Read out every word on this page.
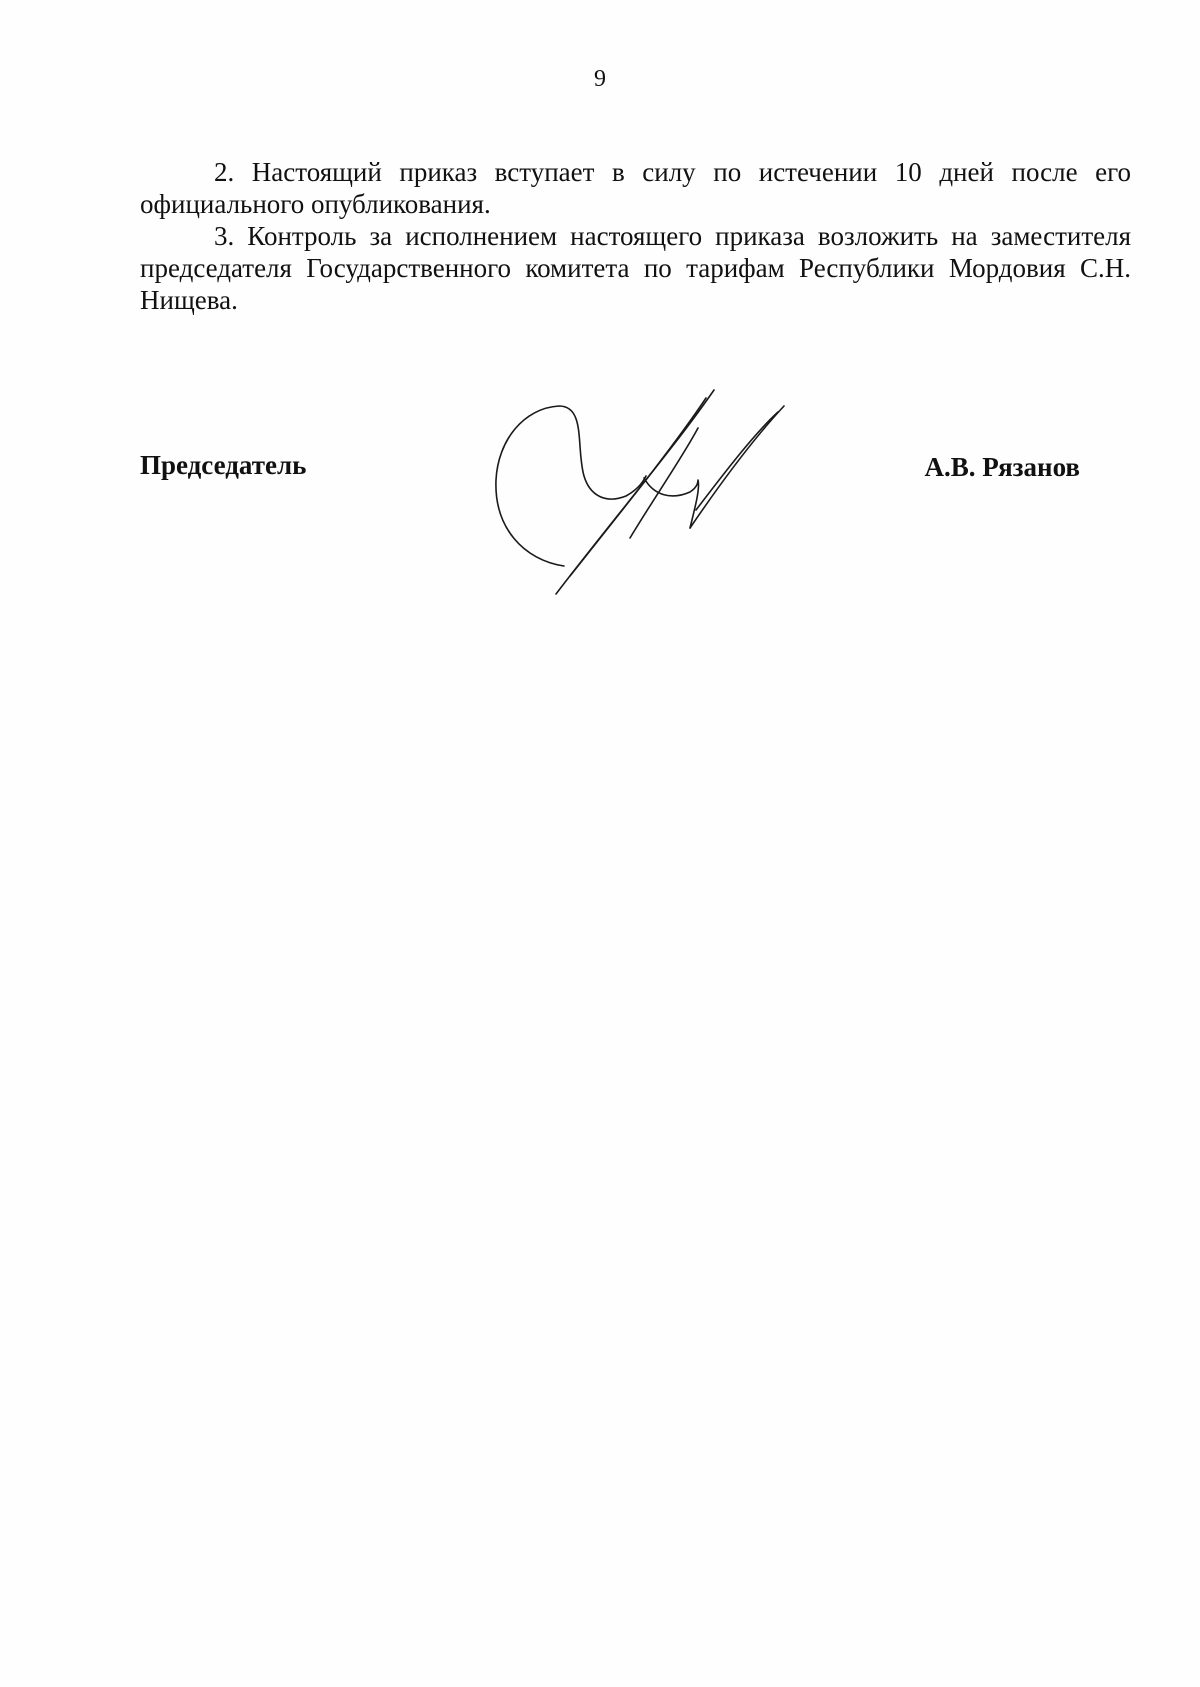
9

2. Настоящий приказ вступает в силу по истечении 10 дней после его официального опубликования.

3. Контроль за исполнением настоящего приказа возложить на заместителя председателя Государственного комитета по тарифам Республики Мордовия С.Н. Нищева.

Председатель	А.В. Рязанов
